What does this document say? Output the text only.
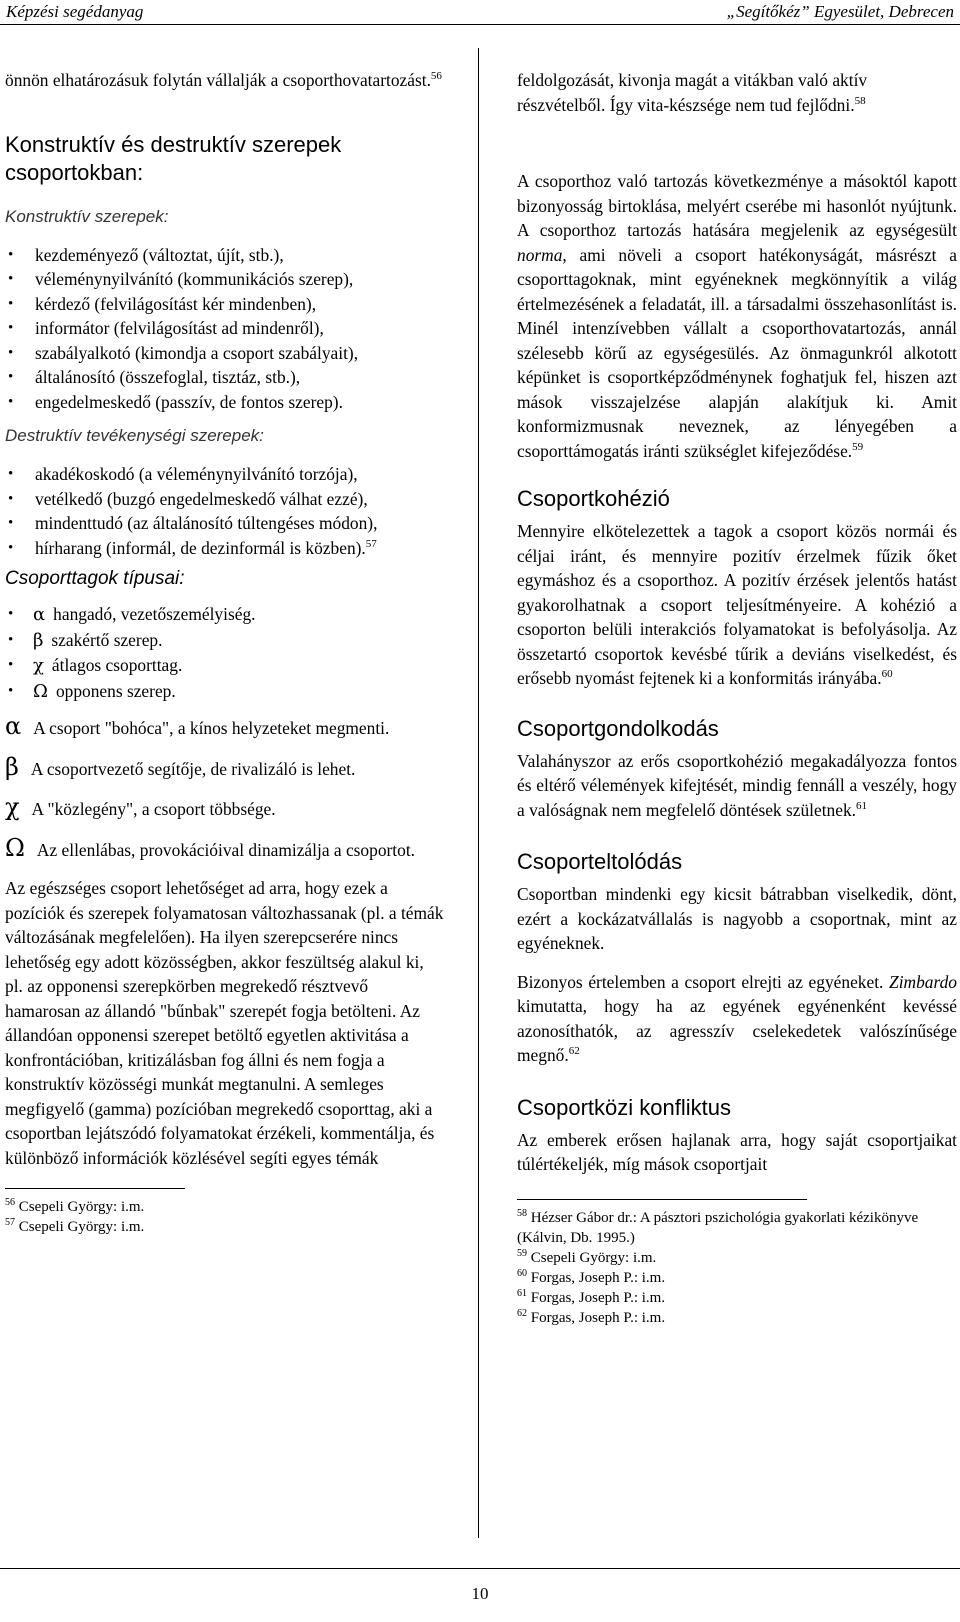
Képzési segédanyag	„Segítőkéz” Egyesület, Debrecen

önnön elhatározásuk folytán vállalják a csoporthovatartozást.$^{56}$

Konstruktív és destruktív szerepek csoportokban:

Konstruktív szerepek:

• kezdeményező (változtat, újít, stb.),
• véleménynyilvánító (kommunikációs szerep),
• kérdező (felvilágosítást kér mindenben),
• informátor (felvilágosítást ad mindenről),
• szabályalkotó (kimondja a csoport szabályait),
• általánosító (összefoglal, tisztáz, stb.),
• engedelmeskedő (passzív, de fontos szerep).

Destruktív tevékenységi szerepek:

• akadékoskodó (a véleménynyilvánító torzója),
• vetélkedő (buzgó engedelmeskedő válhat ezzé),
• mindenttudó (az általánosító túltengéses módon),
• hírharang (informál, de dezinformál is közben).$^{57}$
Csoporttagok típusai:
• α hangadó, vezetőszemélyiség.
• β szakértő szerep.
• χ átlagos csoporttag.
• Ω opponens szerep.

α A csoport "bohóca", a kínos helyzeteket megmenti.

β A csoportvezető segítője, de rivalizáló is lehet.

χ A "közlegény", a csoport többsége.

Ω Az ellenlábas, provokációival dinamizálja a csoportot.

Az egészséges csoport lehetőséget ad arra, hogy ezek a pozíciók és szerepek folyamatosan változhassanak (pl. a témák változásának megfelelően). Ha ilyen szerepcserére nincs lehetőség egy adott közösségben, akkor feszültség alakul ki, pl. az opponensi szerepkörben megrekedő résztvevő hamarosan az állandó "bűnbak" szerepét fogja betölteni. Az állandóan opponensi szerepet betöltő egyetlen aktivitása a konfrontációban, kritizálásban fog állni és nem fogja a konstruktív közösségi munkát megtanulni. A semleges megfigyelő (gamma) pozícióban megrekedő csoporttag, aki a csoportban lejátszódó folyamatokat érzékeli, kommentálja, és különböző információk közlésével segíti egyes témák

$^{56}$ Csepeli György: i.m.

$^{57}$ Csepeli György: i.m.

feldolgozását, kivonja magát a vitákban való aktív részvételből. Így vita-készsége nem tud fejlődni.$^{58}$

A csoporthoz való tartozás következménye a másoktól kapott bizonyosság birtoklása, melyért cserébe mi hasonlót nyújtunk. A csoporthoz tartozás hatására megjelenik az egységesült norma, ami növeli a csoport hatékonyságát, másrészt a csoporttagoknak, mint egyéneknek megkönnyítik a világ értelmezésének a feladatát, ill. a társadalmi összehasonlítást is. Minél intenzívebben vállalt a csoporthovatartozás, annál szélesebb körű az egységesülés. Az önmagunkról alkotott képünket is csoportképződménynek foghatjuk fel, hiszen azt mások visszajelzése alapján alakítjuk ki. Amit konformizmusnak neveznek, az lényegében a csoporttámogatás iránti szükséglet kifejeződése.$^{59}$

Csoportkohézió

Mennyire elkötelezettek a tagok a csoport közös normái és céljai iránt, és mennyire pozitív érzelmek fűzik őket egymáshoz és a csoporthoz. A pozitív érzések jelentős hatást gyakorolhatnak a csoport teljesítményeire. A kohézió a csoporton belüli interakciós folyamatokat is befolyásolja. Az összetartó csoportok kevésbé tűrik a deviáns viselkedést, és erősebb nyomást fejtenek ki a konformitás irányába.$^{60}$

Csoportgondolkodás

Valahányszor az erős csoportkohézió megakadályozza fontos és eltérő vélemények kifejtését, mindig fennáll a veszély, hogy a valóságnak nem megfelelő döntések születnek.$^{61}$

Csoporteltolódás

Csoportban mindenki egy kicsit bátrabban viselkedik, dönt, ezért a kockázatvállalás is nagyobb a csoportnak, mint az egyéneknek.

Bizonyos értelemben a csoport elrejti az egyéneket. Zimbardo kimutatta, hogy ha az egyének egyénenként kevéssé azonosíthatók, az agresszív cselekedetek valószínűsége megnő.$^{62}$

Csoportközi konfliktus

Az emberek erősen hajlanak arra, hogy saját csoportjaikat túlértékeljék, míg mások csoportjait

$^{58}$ Hézser Gábor dr.: A pásztori pszichológia gyakorlati kézikönyve (Kálvin, Db. 1995.)

$^{59}$ Csepeli György: i.m.

$^{60}$ Forgas, Joseph P.: i.m.

$^{61}$ Forgas, Joseph P.: i.m.

$^{62}$ Forgas, Joseph P.: i.m.

10
